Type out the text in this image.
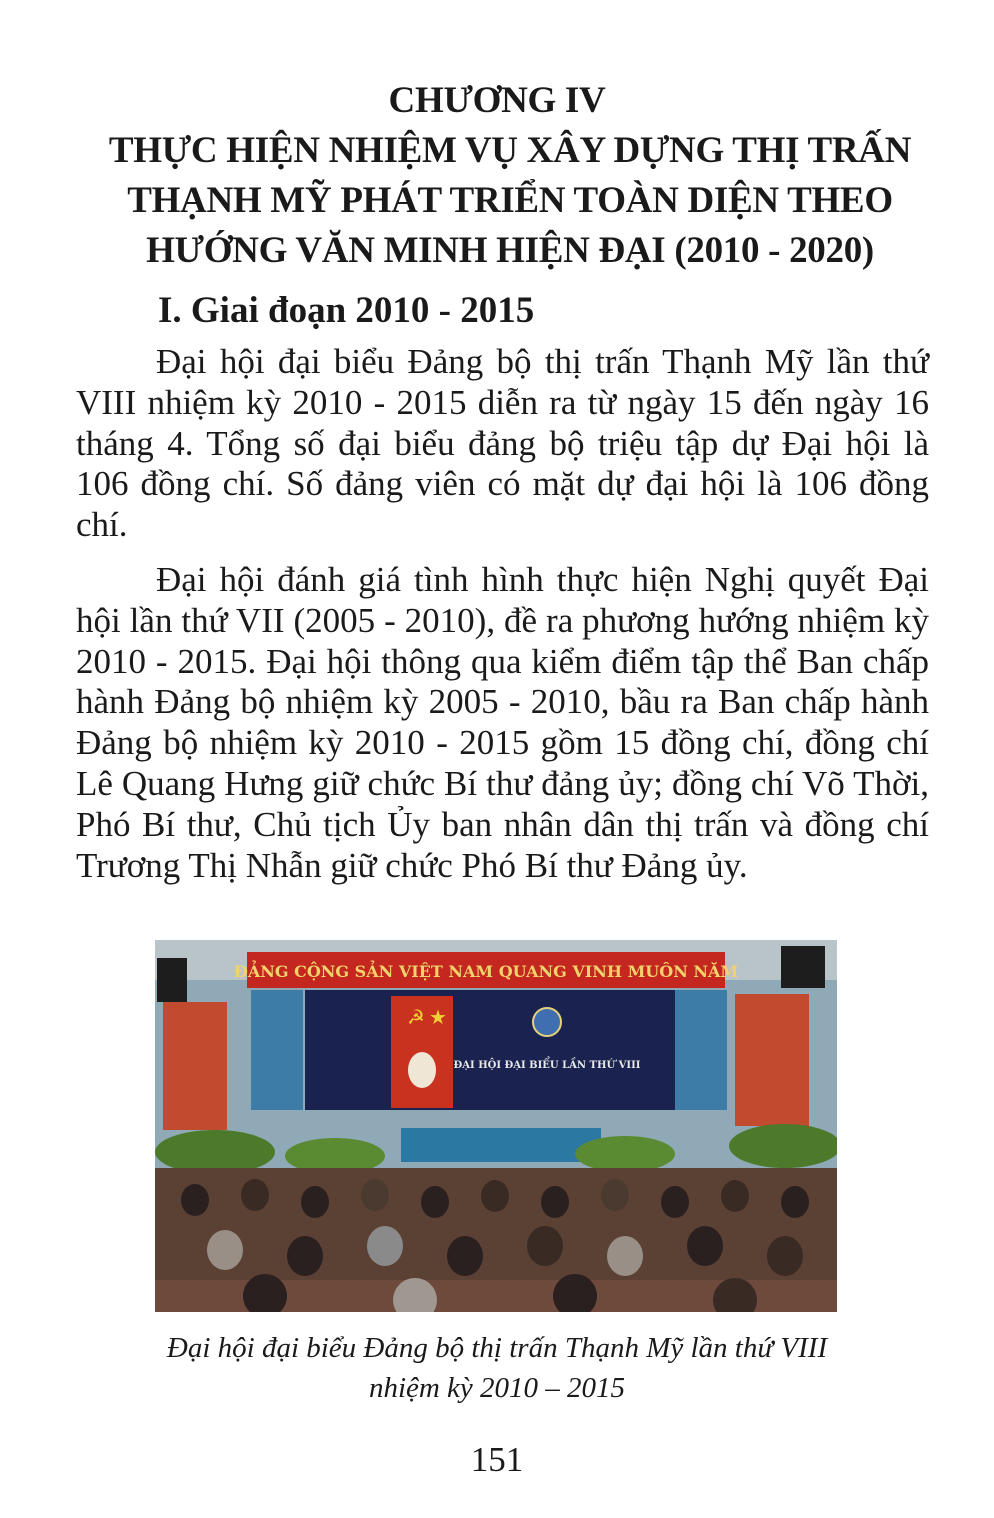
CHƯƠNG IV
THỰC HIỆN NHIỆM VỤ XÂY DỰNG THỊ TRẤN
THẠNH MỸ PHÁT TRIỂN TOÀN DIỆN THEO
HƯỚNG VĂN MINH HIỆN ĐẠI (2010 - 2020)
I. Giai đoạn 2010 - 2015

Đại hội đại biểu Đảng bộ thị trấn Thạnh Mỹ lần thứ VIII nhiệm kỳ 2010 - 2015 diễn ra từ ngày 15 đến ngày 16 tháng 4. Tổng số đại biểu đảng bộ triệu tập dự Đại hội là 106 đồng chí. Số đảng viên có mặt dự đại hội là 106 đồng chí.

Đại hội đánh giá tình hình thực hiện Nghị quyết Đại hội lần thứ VII (2005 - 2010), đề ra phương hướng nhiệm kỳ 2010 - 2015. Đại hội thông qua kiểm điểm tập thể Ban chấp hành Đảng bộ nhiệm kỳ 2005 - 2010, bầu ra Ban chấp hành Đảng bộ nhiệm kỳ 2010 - 2015 gồm 15 đồng chí, đồng chí Lê Quang Hưng giữ chức Bí thư đảng ủy; đồng chí Võ Thời, Phó Bí thư, Chủ tịch Ủy ban nhân dân thị trấn và đồng chí Trương Thị Nhẫn giữ chức Phó Bí thư Đảng ủy.

ĐẢNG CỘNG SẢN VIỆT NAM QUANG VINH MUÔN NĂM
☭ ★
ĐẠI HỘI ĐẠI BIỂU LẦN THỨ VIII
Đại hội đại biểu Đảng bộ thị trấn Thạnh Mỹ lần thứ VIII
nhiệm kỳ 2010 – 2015
151
